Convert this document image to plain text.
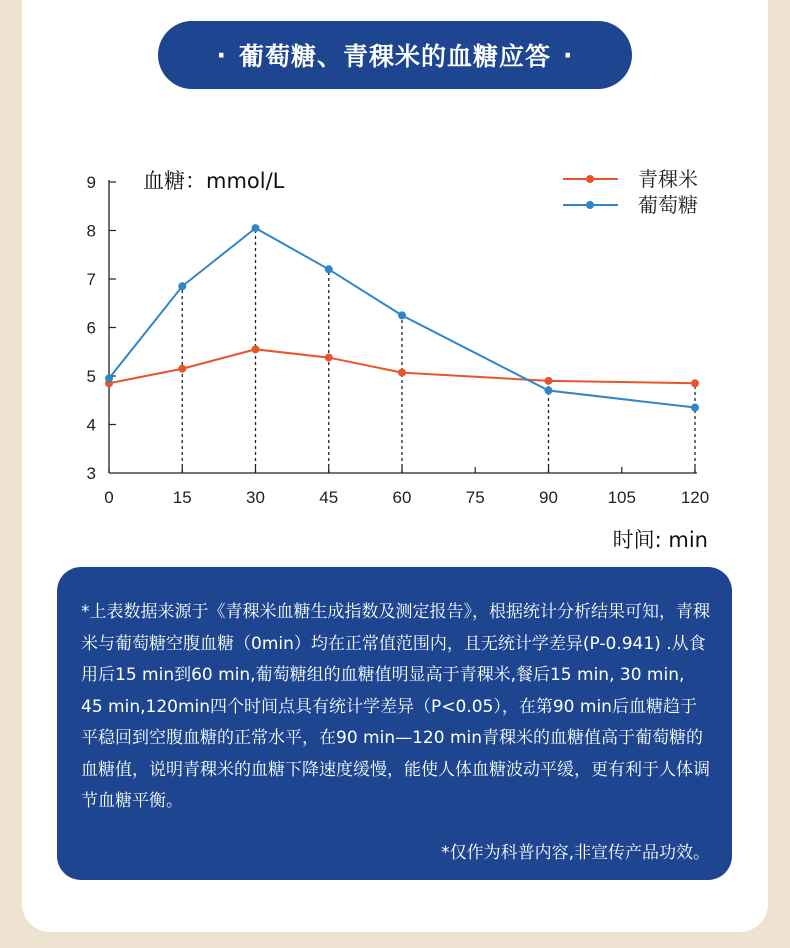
· 葡萄糖、青稞米的血糖应答 ·
3
4
5
6
7
8
9
0	15	30	45	60	75	90	105	120
青稞米
葡萄糖
血糖：mmol/L
时间: min

*上表数据来源于《青稞米血糖生成指数及测定报告》，根据统计分析结果可知，青稞米与葡萄糖空腹血糖（0min）均在正常值范围内，且无统计学差异(P-0.941) .从食用后15 min到60 min,葡萄糖组的血糖值明显高于青稞米,餐后15 min, 30 min, 45 min,120min四个时间点具有统计学差异（P<0.05），在第90 min后血糖趋于平稳回到空腹血糖的正常水平，在90 min—120 min青稞米的血糖值高于葡萄糖的血糖值，说明青稞米的血糖下降速度缓慢，能使人体血糖波动平缓，更有利于人体调节血糖平衡。

*仅作为科普内容,非宣传产品功效。
